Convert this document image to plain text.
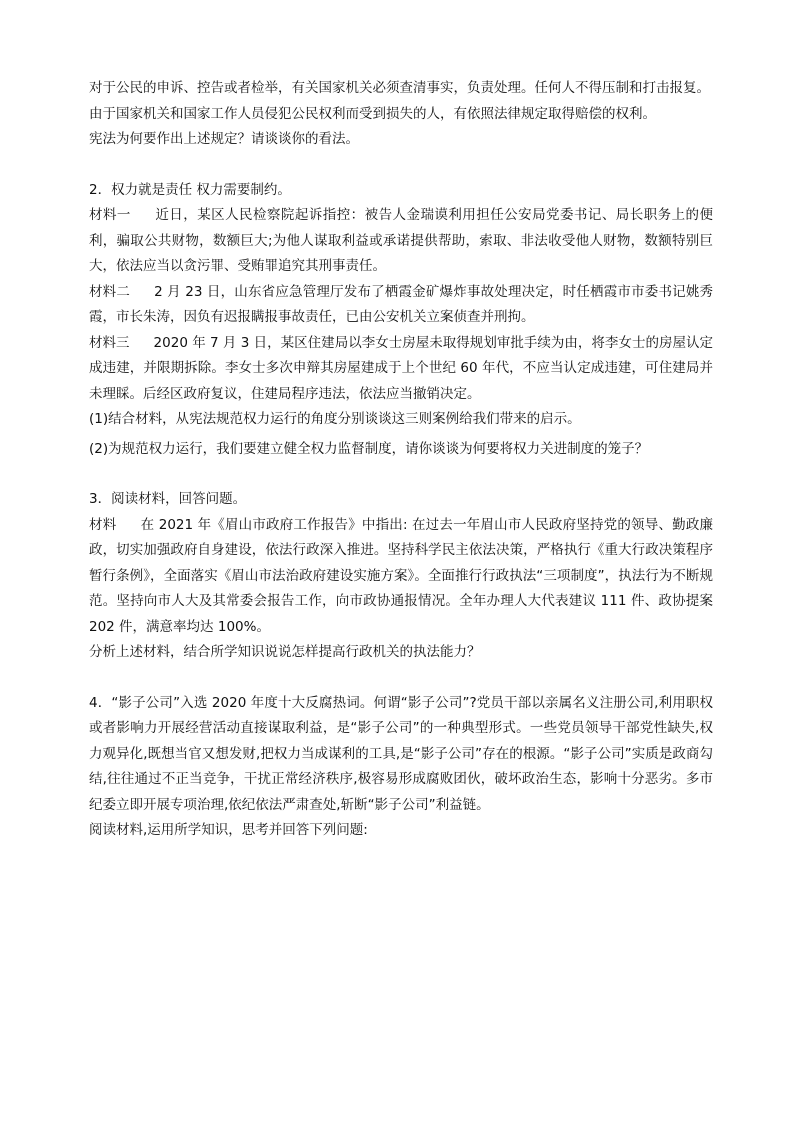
对于公民的申诉、控告或者检举，有关国家机关必须查清事实，负责处理。任何人不得压制和打击报复。

由于国家机关和国家工作人员侵犯公民权利而受到损失的人，有依照法律规定取得赔偿的权利。

宪法为何要作出上述规定？请谈谈你的看法。

2．权力就是责任 权力需要制约。

材料一 近日，某区人民检察院起诉指控：被告人金瑞谟利用担任公安局党委书记、局长职务上的便利，骗取公共财物，数额巨大;为他人谋取利益或承诺提供帮助，索取、非法收受他人财物，数额特别巨大，依法应当以贪污罪、受贿罪追究其刑事责任。

材料二 2 月 23 日，山东省应急管理厅发布了栖霞金矿爆炸事故处理决定，时任栖霞市市委书记姚秀霞，市长朱涛，因负有迟报瞒报事故责任，已由公安机关立案侦查并刑拘。

材料三 2020 年 7 月 3 日，某区住建局以李女士房屋未取得规划审批手续为由，将李女士的房屋认定成违建，并限期拆除。李女士多次申辩其房屋建成于上个世纪 60 年代，不应当认定成违建，可住建局并未理睬。后经区政府复议，住建局程序违法，依法应当撤销决定。

(1)结合材料，从宪法规范权力运行的角度分别谈谈这三则案例给我们带来的启示。

(2)为规范权力运行，我们要建立健全权力监督制度，请你谈谈为何要将权力关进制度的笼子？

3．阅读材料，回答问题。

材料 在 2021 年《眉山市政府工作报告》中指出: 在过去一年眉山市人民政府坚持党的领导、勤政廉政，切实加强政府自身建设，依法行政深入推进。坚持科学民主依法决策，严格执行《重大行政决策程序暂行条例》，全面落实《眉山市法治政府建设实施方案》。全面推行行政执法“三项制度”，执法行为不断规范。坚持向市人大及其常委会报告工作，向市政协通报情况。全年办理人大代表建议 111 件、政协提案 202 件，满意率均达 100%。

分析上述材料，结合所学知识说说怎样提高行政机关的执法能力？

4．“影子公司”入选 2020 年度十大反腐热词。何谓“影子公司”?党员干部以亲属名义注册公司,利用职权或者影响力开展经营活动直接谋取利益，是“影子公司”的一种典型形式。一些党员领导干部党性缺失,权力观异化,既想当官又想发财,把权力当成谋利的工具,是“影子公司”存在的根源。“影子公司”实质是政商勾结,往往通过不正当竞争，干扰正常经济秩序,极容易形成腐败团伙，破坏政治生态，影响十分恶劣。多市纪委立即开展专项治理,依纪依法严肃查处,斩断“影子公司”利益链。

阅读材料,运用所学知识，思考并回答下列问题:
